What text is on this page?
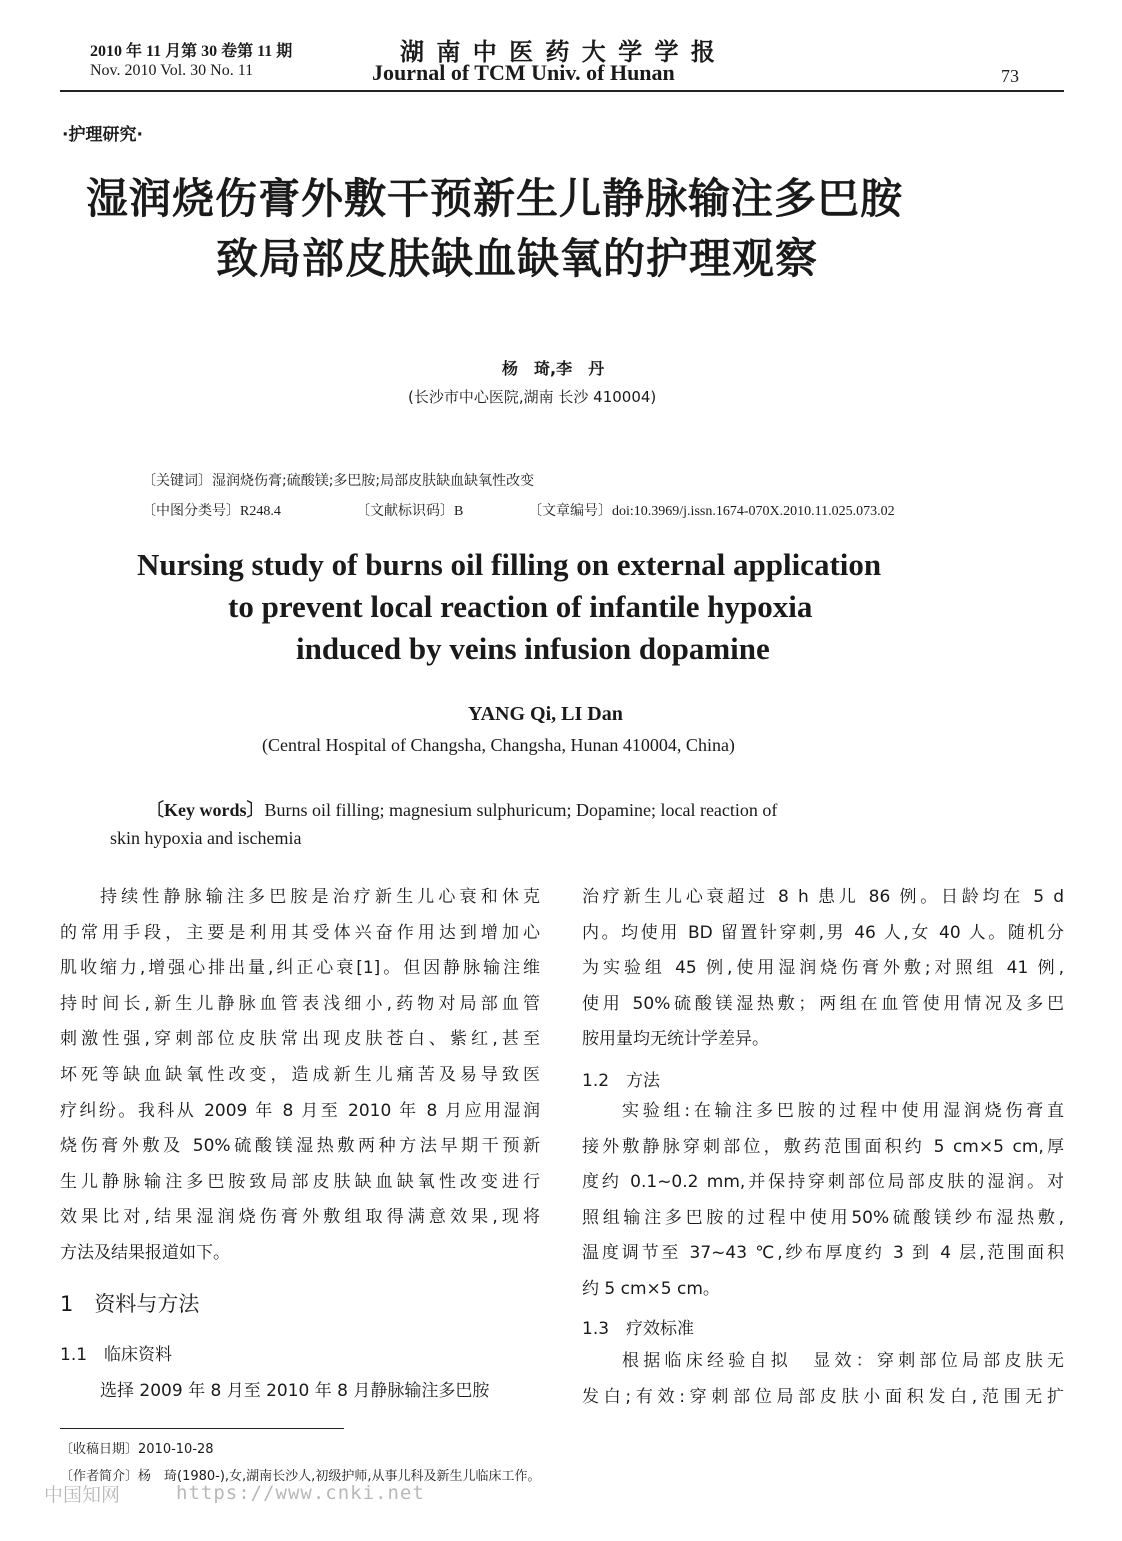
2010 年 11 月第 30 卷第 11 期
Nov. 2010 Vol. 30 No. 11
湖 南 中 医 药 大 学 学 报
Journal of TCM Univ. of Hunan	73
·护理研究·
湿润烧伤膏外敷干预新生儿静脉输注多巴胺
致局部皮肤缺血缺氧的护理观察
杨　琦,李　丹
(长沙市中心医院,湖南 长沙 410004)
〔关键词〕湿润烧伤膏;硫酸镁;多巴胺;局部皮肤缺血缺氧性改变
〔中图分类号〕R248.4	〔文献标识码〕B	〔文章编号〕doi:10.3969/j.issn.1674-070X.2010.11.025.073.02
Nursing study of burns oil filling on external application
to prevent local reaction of infantile hypoxia
induced by veins infusion dopamine
YANG Qi, LI Dan
(Central Hospital of Changsha, Changsha, Hunan 410004, China)
〔Key words〕Burns oil filling; magnesium sulphuricum; Dopamine; local reaction of
skin hypoxia and ischemia
持续性静脉输注多巴胺是治疗新生儿心衰和休克
的常用手段，主要是利用其受体兴奋作用达到增加心
肌收缩力,增强心排出量,纠正心衰[1]。但因静脉输注维
持时间长,新生儿静脉血管表浅细小,药物对局部血管
刺激性强,穿刺部位皮肤常出现皮肤苍白、紫红,甚至
坏死等缺血缺氧性改变，造成新生儿痛苦及易导致医
疗纠纷。我科从 2009 年 8 月至 2010 年 8 月应用湿润
烧伤膏外敷及 50%硫酸镁湿热敷两种方法早期干预新
生儿静脉输注多巴胺致局部皮肤缺血缺氧性改变进行
效果比对,结果湿润烧伤膏外敷组取得满意效果,现将
方法及结果报道如下。
1　资料与方法
1.1　临床资料
选择 2009 年 8 月至 2010 年 8 月静脉输注多巴胺
治疗新生儿心衰超过 8 h 患儿 86 例。日龄均在 5 d
内。均使用 BD 留置针穿刺,男 46 人,女 40 人。随机分
为实验组 45 例,使用湿润烧伤膏外敷;对照组 41 例,
使用 50%硫酸镁湿热敷；两组在血管使用情况及多巴
胺用量均无统计学差异。
1.2　方法
实验组:在输注多巴胺的过程中使用湿润烧伤膏直
接外敷静脉穿刺部位，敷药范围面积约 5 cm×5 cm,厚
度约 0.1~0.2 mm,并保持穿刺部位局部皮肤的湿润。对
照组输注多巴胺的过程中使用50%硫酸镁纱布湿热敷,
温度调节至 37~43 ℃,纱布厚度约 3 到 4 层,范围面积
约 5 cm×5 cm。
1.3　疗效标准
根据临床经验自拟　显效：穿刺部位局部皮肤无
发白;有效:穿刺部位局部皮肤小面积发白,范围无扩
〔收稿日期〕2010-10-28
〔作者简介〕杨　琦(1980-),女,湖南长沙人,初级护师,从事儿科及新生儿临床工作。
中国知网	https://www.cnki.net
